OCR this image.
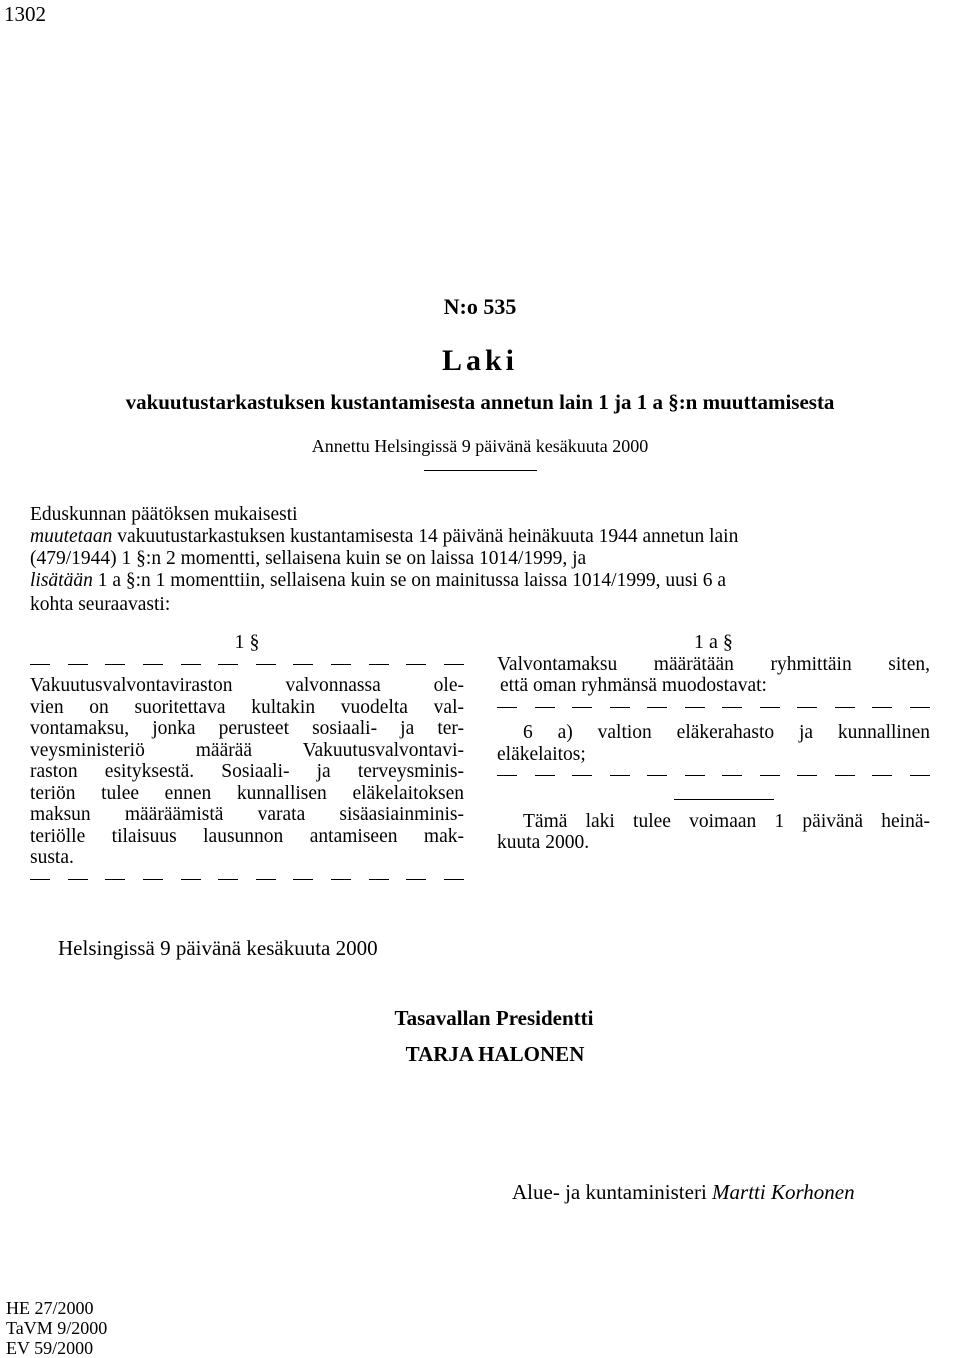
1302
N:o 535
Laki
vakuutustarkastuksen kustantamisesta annetun lain 1 ja 1 a §:n muuttamisesta
Annettu Helsingissä 9 päivänä kesäkuuta 2000
Eduskunnan päätöksen mukaisesti
muutetaan vakuutustarkastuksen kustantamisesta 14 päivänä heinäkuuta 1944 annetun lain
(479/1944) 1 §:n 2 momentti, sellaisena kuin se on laissa 1014/1999, ja
lisätään 1 a §:n 1 momenttiin, sellaisena kuin se on mainitussa laissa 1014/1999, uusi 6 a
kohta seuraavasti:
1 §
Vakuutusvalvontaviraston valvonnassa ole-
vien on suoritettava kultakin vuodelta val-
vontamaksu, jonka perusteet sosiaali- ja ter-
veysministeriö määrää Vakuutusvalvontavi-
raston esityksestä. Sosiaali- ja terveysminis-
teriön tulee ennen kunnallisen eläkelaitoksen
maksun määräämistä varata sisäasiainminis-
teriölle tilaisuus lausunnon antamiseen mak-
susta.
1 a §
Valvontamaksu määrätään ryhmittäin siten,
että oman ryhmänsä muodostavat:
6 a) valtion eläkerahasto ja kunnallinen
eläkelaitos;
Tämä laki tulee voimaan 1 päivänä heinä-
kuuta 2000.
Helsingissä 9 päivänä kesäkuuta 2000
Tasavallan Presidentti
TARJA HALONEN
Alue- ja kuntaministeri Martti Korhonen
HE 27/2000
TaVM 9/2000
EV 59/2000
